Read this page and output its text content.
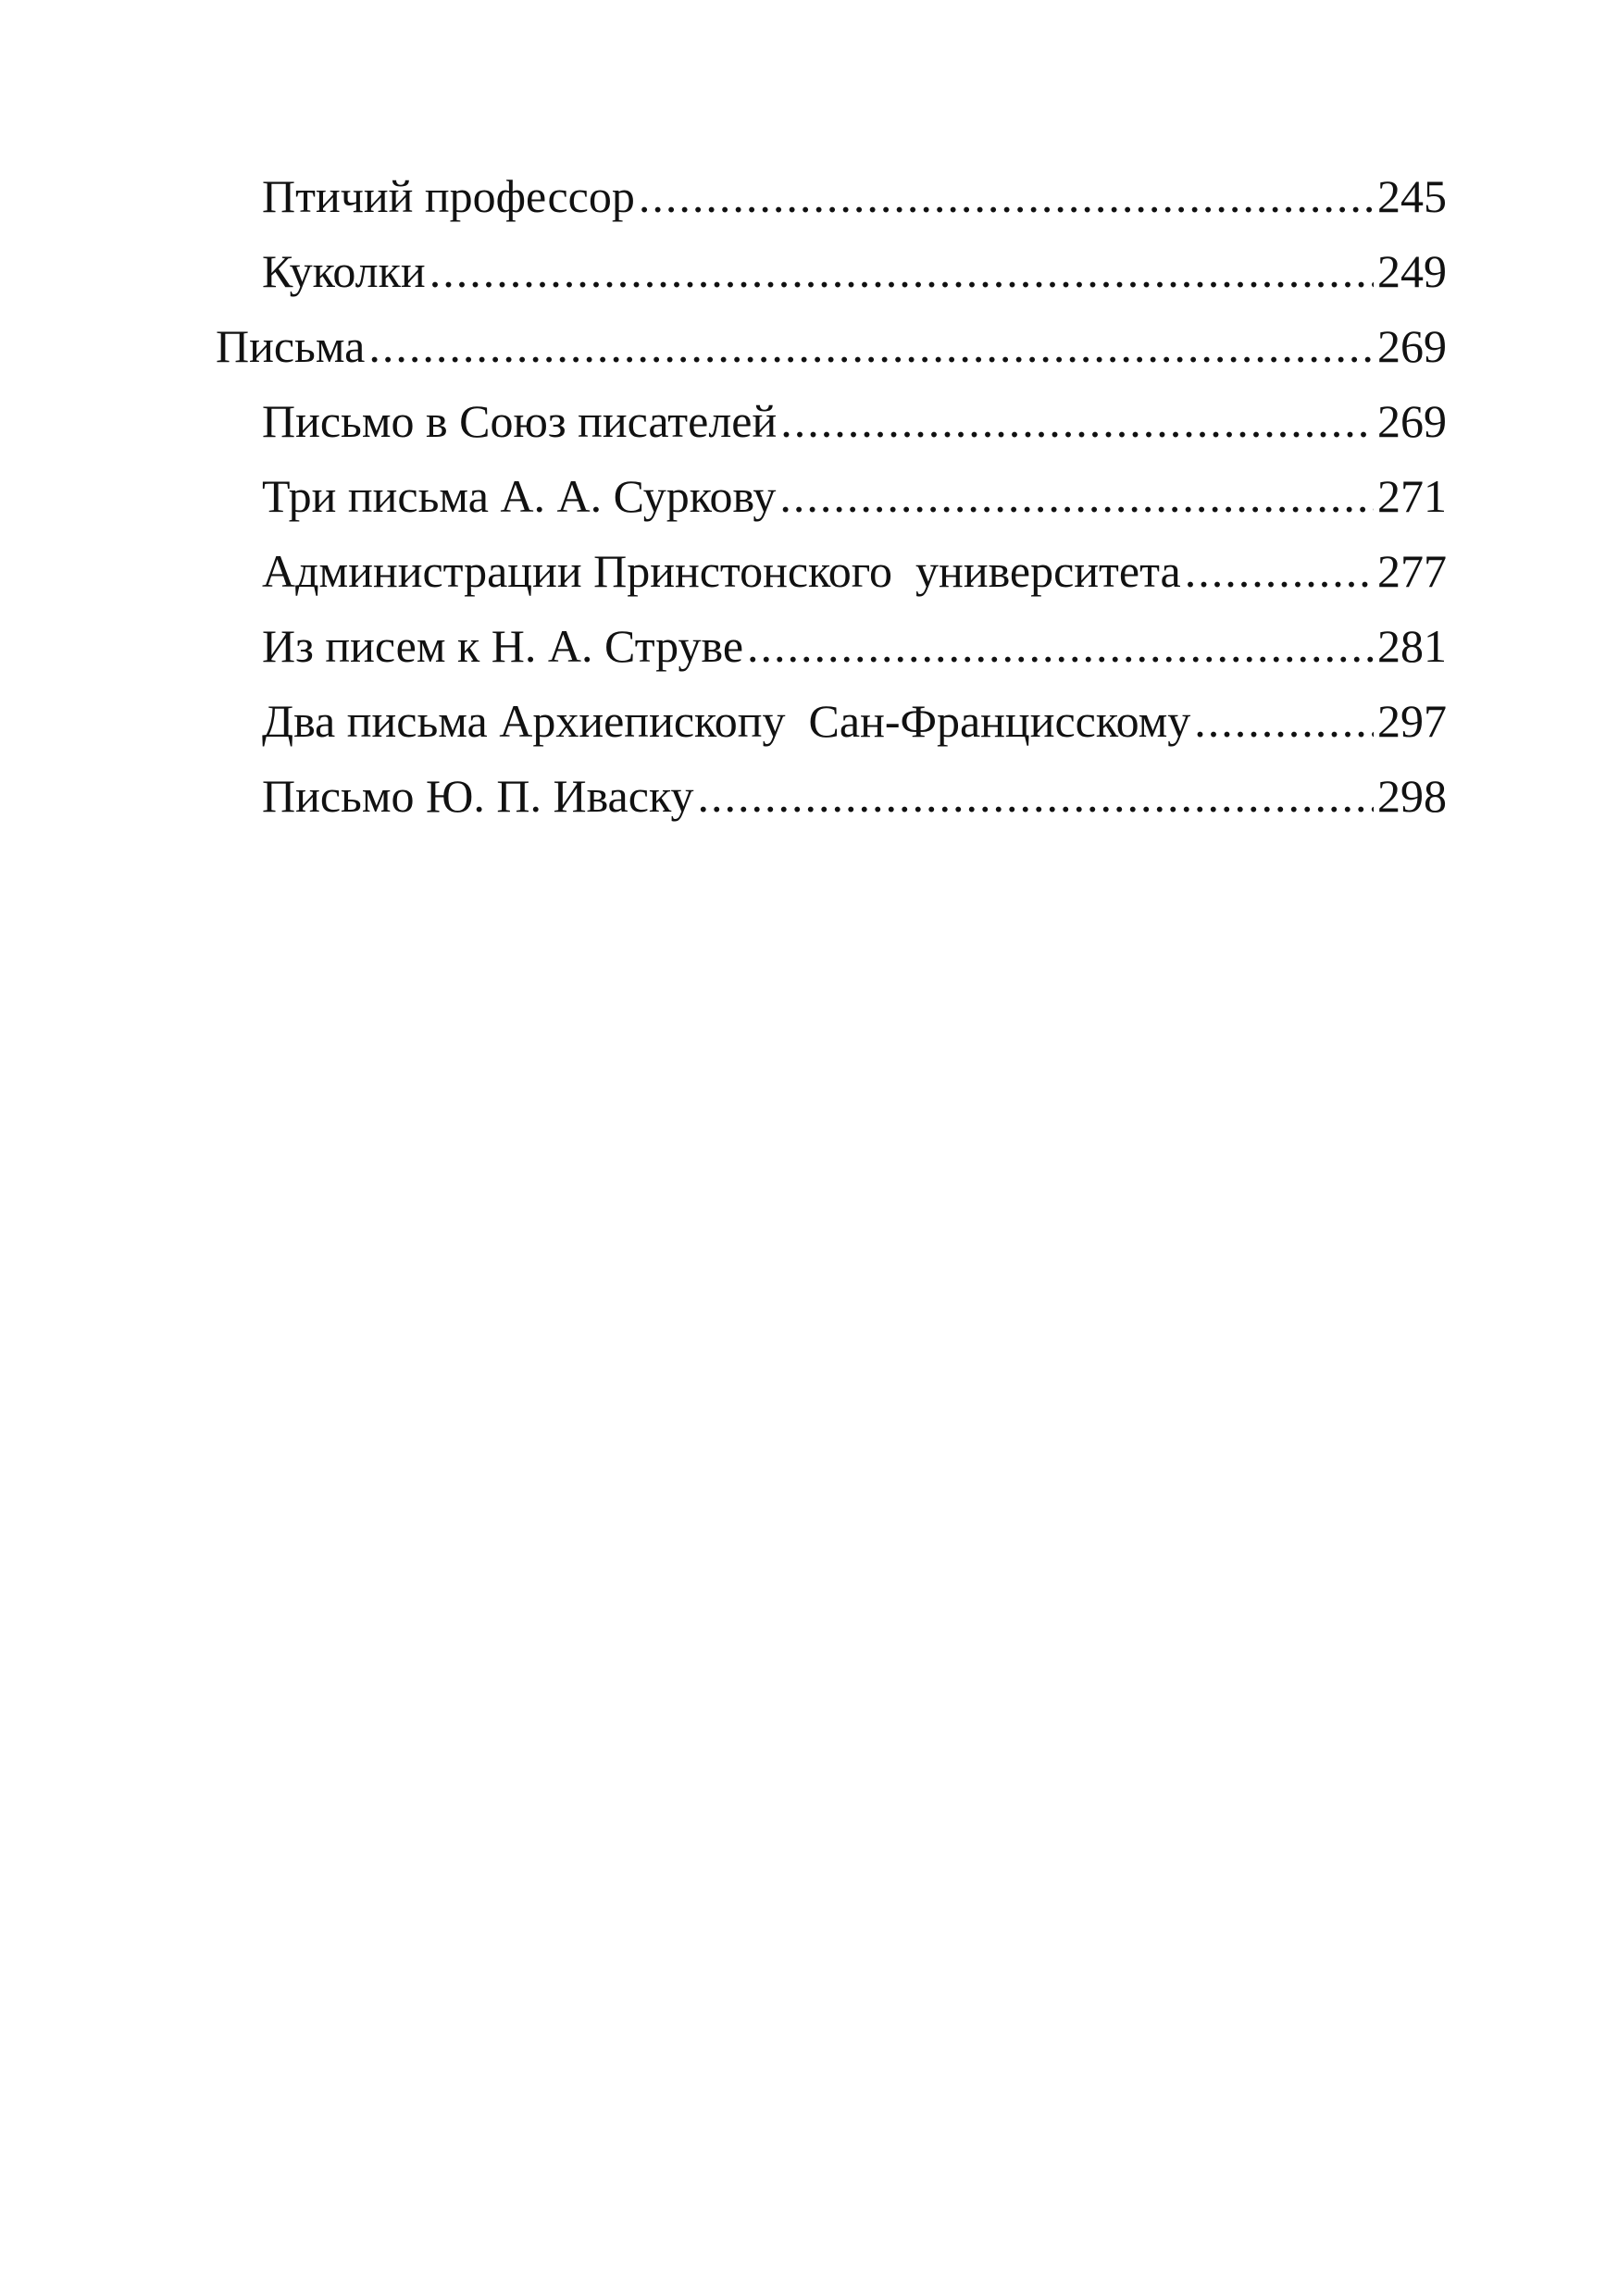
Птичий профессор .....	245
Куколки .....	249
Письма .....	269
Письмо в Союз писателей .....	269
Три письма А. А. Суркову .....	271
Администрации Принстонского  университета .....	277
Из писем к Н. А. Струве .....	281
Два письма Архиепископу  Сан-Францисскому .....	297
Письмо Ю. П. Иваску .....	298
